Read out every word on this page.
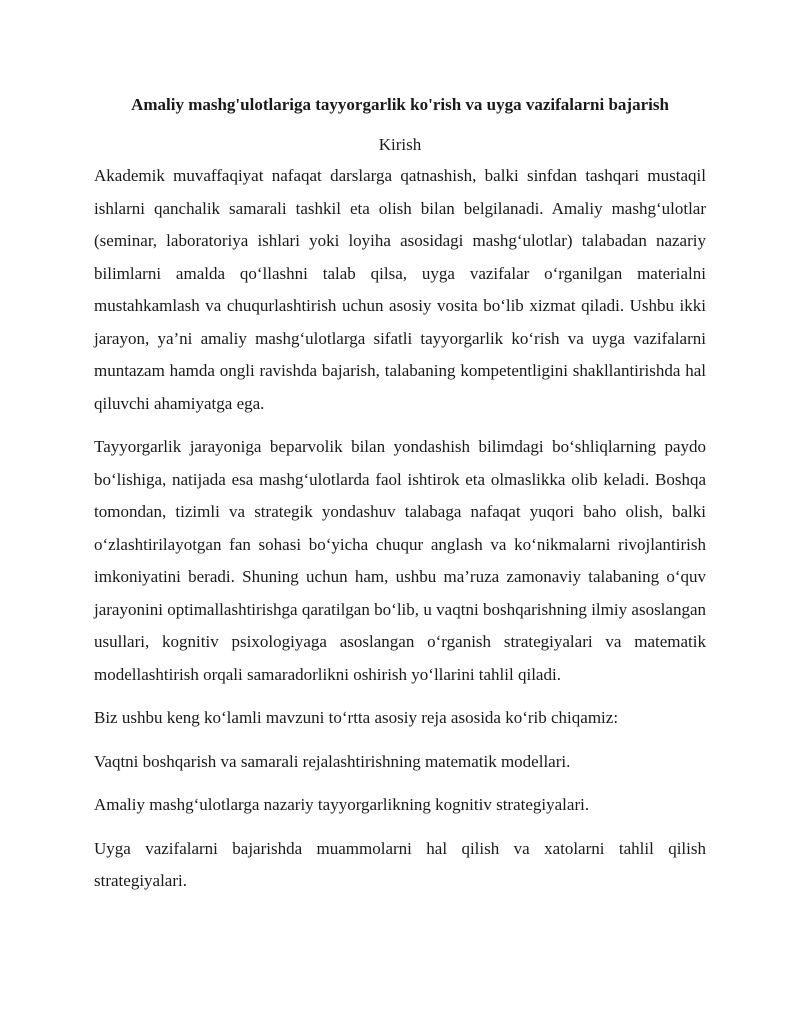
Amaliy mashg'ulotlariga tayyorgarlik ko'rish va uyga vazifalarni bajarish
Kirish

Akademik muvaffaqiyat nafaqat darslarga qatnashish, balki sinfdan tashqari mustaqil ishlarni qanchalik samarali tashkil eta olish bilan belgilanadi. Amaliy mashg‘ulotlar (seminar, laboratoriya ishlari yoki loyiha asosidagi mashg‘ulotlar) talabadan nazariy bilimlarni amalda qo‘llashni talab qilsa, uyga vazifalar o‘rganilgan materialni mustahkamlash va chuqurlashtirish uchun asosiy vosita bo‘lib xizmat qiladi. Ushbu ikki jarayon, ya’ni amaliy mashg‘ulotlarga sifatli tayyorgarlik ko‘rish va uyga vazifalarni muntazam hamda ongli ravishda bajarish, talabaning kompetentligini shakllantirishda hal qiluvchi ahamiyatga ega.

Tayyorgarlik jarayoniga beparvolik bilan yondashish bilimdagi bo‘shliqlarning paydo bo‘lishiga, natijada esa mashg‘ulotlarda faol ishtirok eta olmaslikka olib keladi. Boshqa tomondan, tizimli va strategik yondashuv talabaga nafaqat yuqori baho olish, balki o‘zlashtirilayotgan fan sohasi bo‘yicha chuqur anglash va ko‘nikmalarni rivojlantirish imkoniyatini beradi. Shuning uchun ham, ushbu ma’ruza zamonaviy talabaning o‘quv jarayonini optimallashtirishga qaratilgan bo‘lib, u vaqtni boshqarishning ilmiy asoslangan usullari, kognitiv psixologiyaga asoslangan o‘rganish strategiyalari va matematik modellashtirish orqali samaradorlikni oshirish yo‘llarini tahlil qiladi.

Biz ushbu keng ko‘lamli mavzuni to‘rtta asosiy reja asosida ko‘rib chiqamiz:

Vaqtni boshqarish va samarali rejalashtirishning matematik modellari.

Amaliy mashg‘ulotlarga nazariy tayyorgarlikning kognitiv strategiyalari.

Uyga vazifalarni bajarishda muammolarni hal qilish va xatolarni tahlil qilish strategiyalari.
